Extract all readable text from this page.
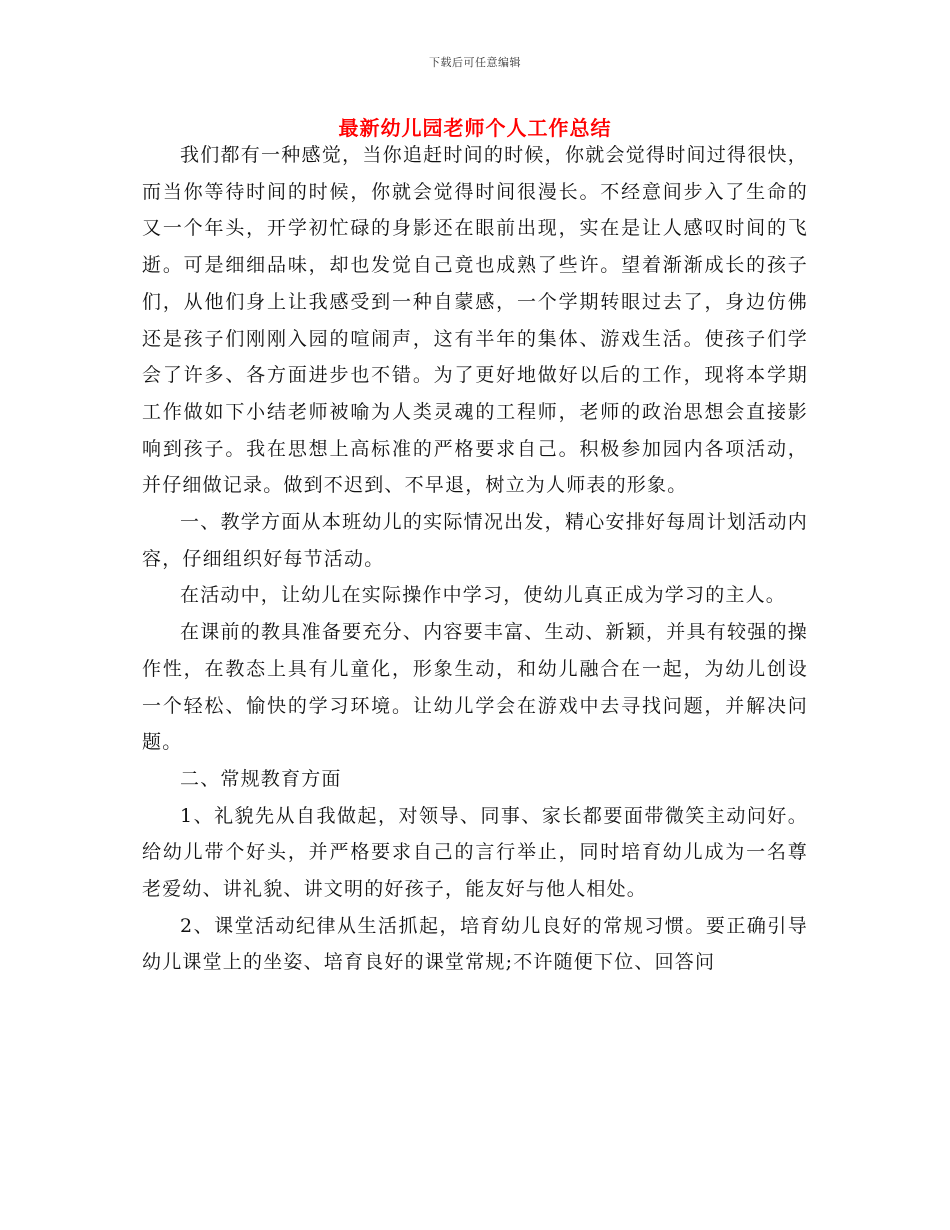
下载后可任意编辑
最新幼儿园老师个人工作总结

我们都有一种感觉，当你追赶时间的时候，你就会觉得时间过得很快，而当你等待时间的时候，你就会觉得时间很漫长。不经意间步入了生命的又一个年头，开学初忙碌的身影还在眼前出现，实在是让人感叹时间的飞逝。可是细细品味，却也发觉自己竟也成熟了些许。望着渐渐成长的孩子们，从他们身上让我感受到一种自蒙感，一个学期转眼过去了，身边仿佛还是孩子们刚刚入园的喧闹声，这有半年的集体、游戏生活。使孩子们学会了许多、各方面进步也不错。为了更好地做好以后的工作，现将本学期工作做如下小结老师被喻为人类灵魂的工程师，老师的政治思想会直接影响到孩子。我在思想上高标准的严格要求自己。积极参加园内各项活动，并仔细做记录。做到不迟到、不早退，树立为人师表的形象。

一、教学方面从本班幼儿的实际情况出发，精心安排好每周计划活动内容，仔细组织好每节活动。

在活动中，让幼儿在实际操作中学习，使幼儿真正成为学习的主人。

在课前的教具准备要充分、内容要丰富、生动、新颖，并具有较强的操作性，在教态上具有儿童化，形象生动，和幼儿融合在一起，为幼儿创设一个轻松、愉快的学习环境。让幼儿学会在游戏中去寻找问题，并解决问题。

二、常规教育方面

1、礼貌先从自我做起，对领导、同事、家长都要面带微笑主动问好。给幼儿带个好头，并严格要求自己的言行举止，同时培育幼儿成为一名尊老爱幼、讲礼貌、讲文明的好孩子，能友好与他人相处。

2、课堂活动纪律从生活抓起，培育幼儿良好的常规习惯。要正确引导幼儿课堂上的坐姿、培育良好的课堂常规;不许随便下位、回答问
